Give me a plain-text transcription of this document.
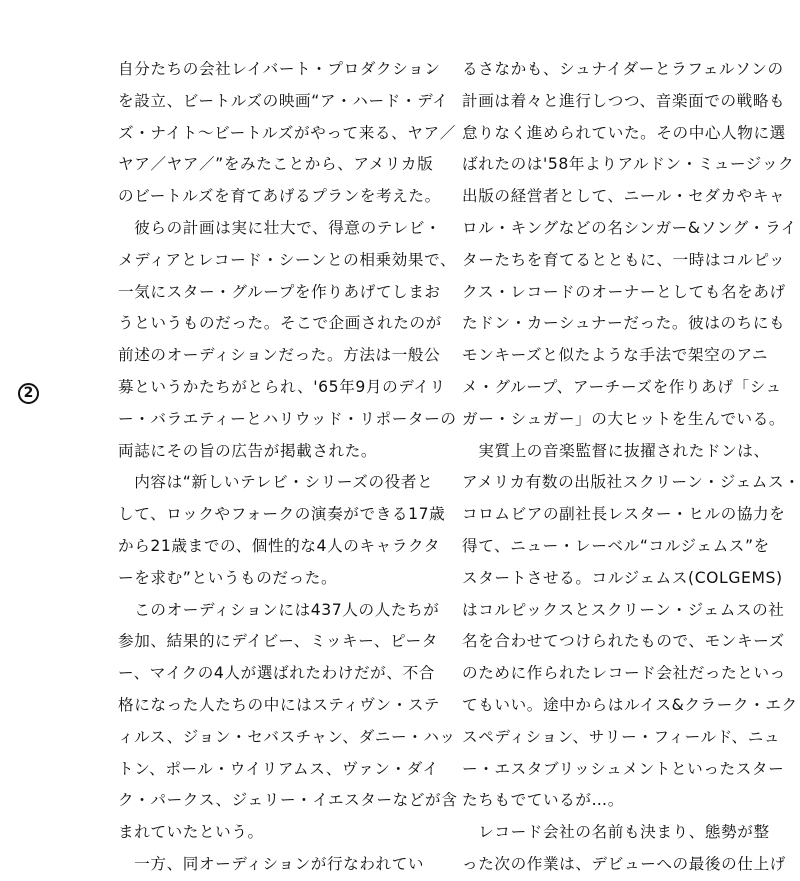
2
自分たちの会社レイバート・プロダクション
を設立、ビートルズの映画“ア・ハード・デイ
ズ・ナイト～ビートルズがやって来る、ヤア／
ヤア／ヤア／”をみたことから、アメリカ版
のビートルズを育てあげるプランを考えた。
　彼らの計画は実に壮大で、得意のテレビ・
メディアとレコード・シーンとの相乗効果で、
一気にスター・グループを作りあげてしまお
うというものだった。そこで企画されたのが
前述のオーディションだった。方法は一般公
募というかたちがとられ、'65年9月のデイリ
ー・バラエティーとハリウッド・リポーターの
両誌にその旨の広告が掲載された。
　内容は“新しいテレビ・シリーズの役者と
して、ロックやフォークの演奏ができる17歳
から21歳までの、個性的な4人のキャラクタ
ーを求む”というものだった。
　このオーディションには437人の人たちが
参加、結果的にデイビー、ミッキー、ピータ
ー、マイクの4人が選ばれたわけだが、不合
格になった人たちの中にはスティヴン・ステ
ィルス、ジョン・セバスチャン、ダニー・ハッ
トン、ポール・ウイリアムス、ヴァン・ダイ
ク・パークス、ジェリー・イエスターなどが含
まれていたという。
　一方、同オーディションが行なわれてい
るさなかも、シュナイダーとラフェルソンの
計画は着々と進行しつつ、音楽面での戦略も
怠りなく進められていた。その中心人物に選
ばれたのは'58年よりアルドン・ミュージック
出版の経営者として、ニール・セダカやキャ
ロル・キングなどの名シンガー&ソング・ライ
ターたちを育てるとともに、一時はコルピッ
クス・レコードのオーナーとしても名をあげ
たドン・カーシュナーだった。彼はのちにも
モンキーズと似たような手法で架空のアニ
メ・グループ、アーチーズを作りあげ「シュ
ガー・シュガー」の大ヒットを生んでいる。
　実質上の音楽監督に抜擢されたドンは、
アメリカ有数の出版社スクリーン・ジェムス・
コロムビアの副社長レスター・ヒルの協力を
得て、ニュー・レーベル“コルジェムス”を
スタートさせる。コルジェムス(COLGEMS)
はコルピックスとスクリーン・ジェムスの社
名を合わせてつけられたもので、モンキーズ
のために作られたレコード会社だったといっ
てもいい。途中からはルイス&クラーク・エク
スペディション、サリー・フィールド、ニュ
ー・エスタブリッシュメントといったスター
たちもでているが…。
　レコード会社の名前も決まり、態勢が整
った次の作業は、デビューへの最後の仕上げ
